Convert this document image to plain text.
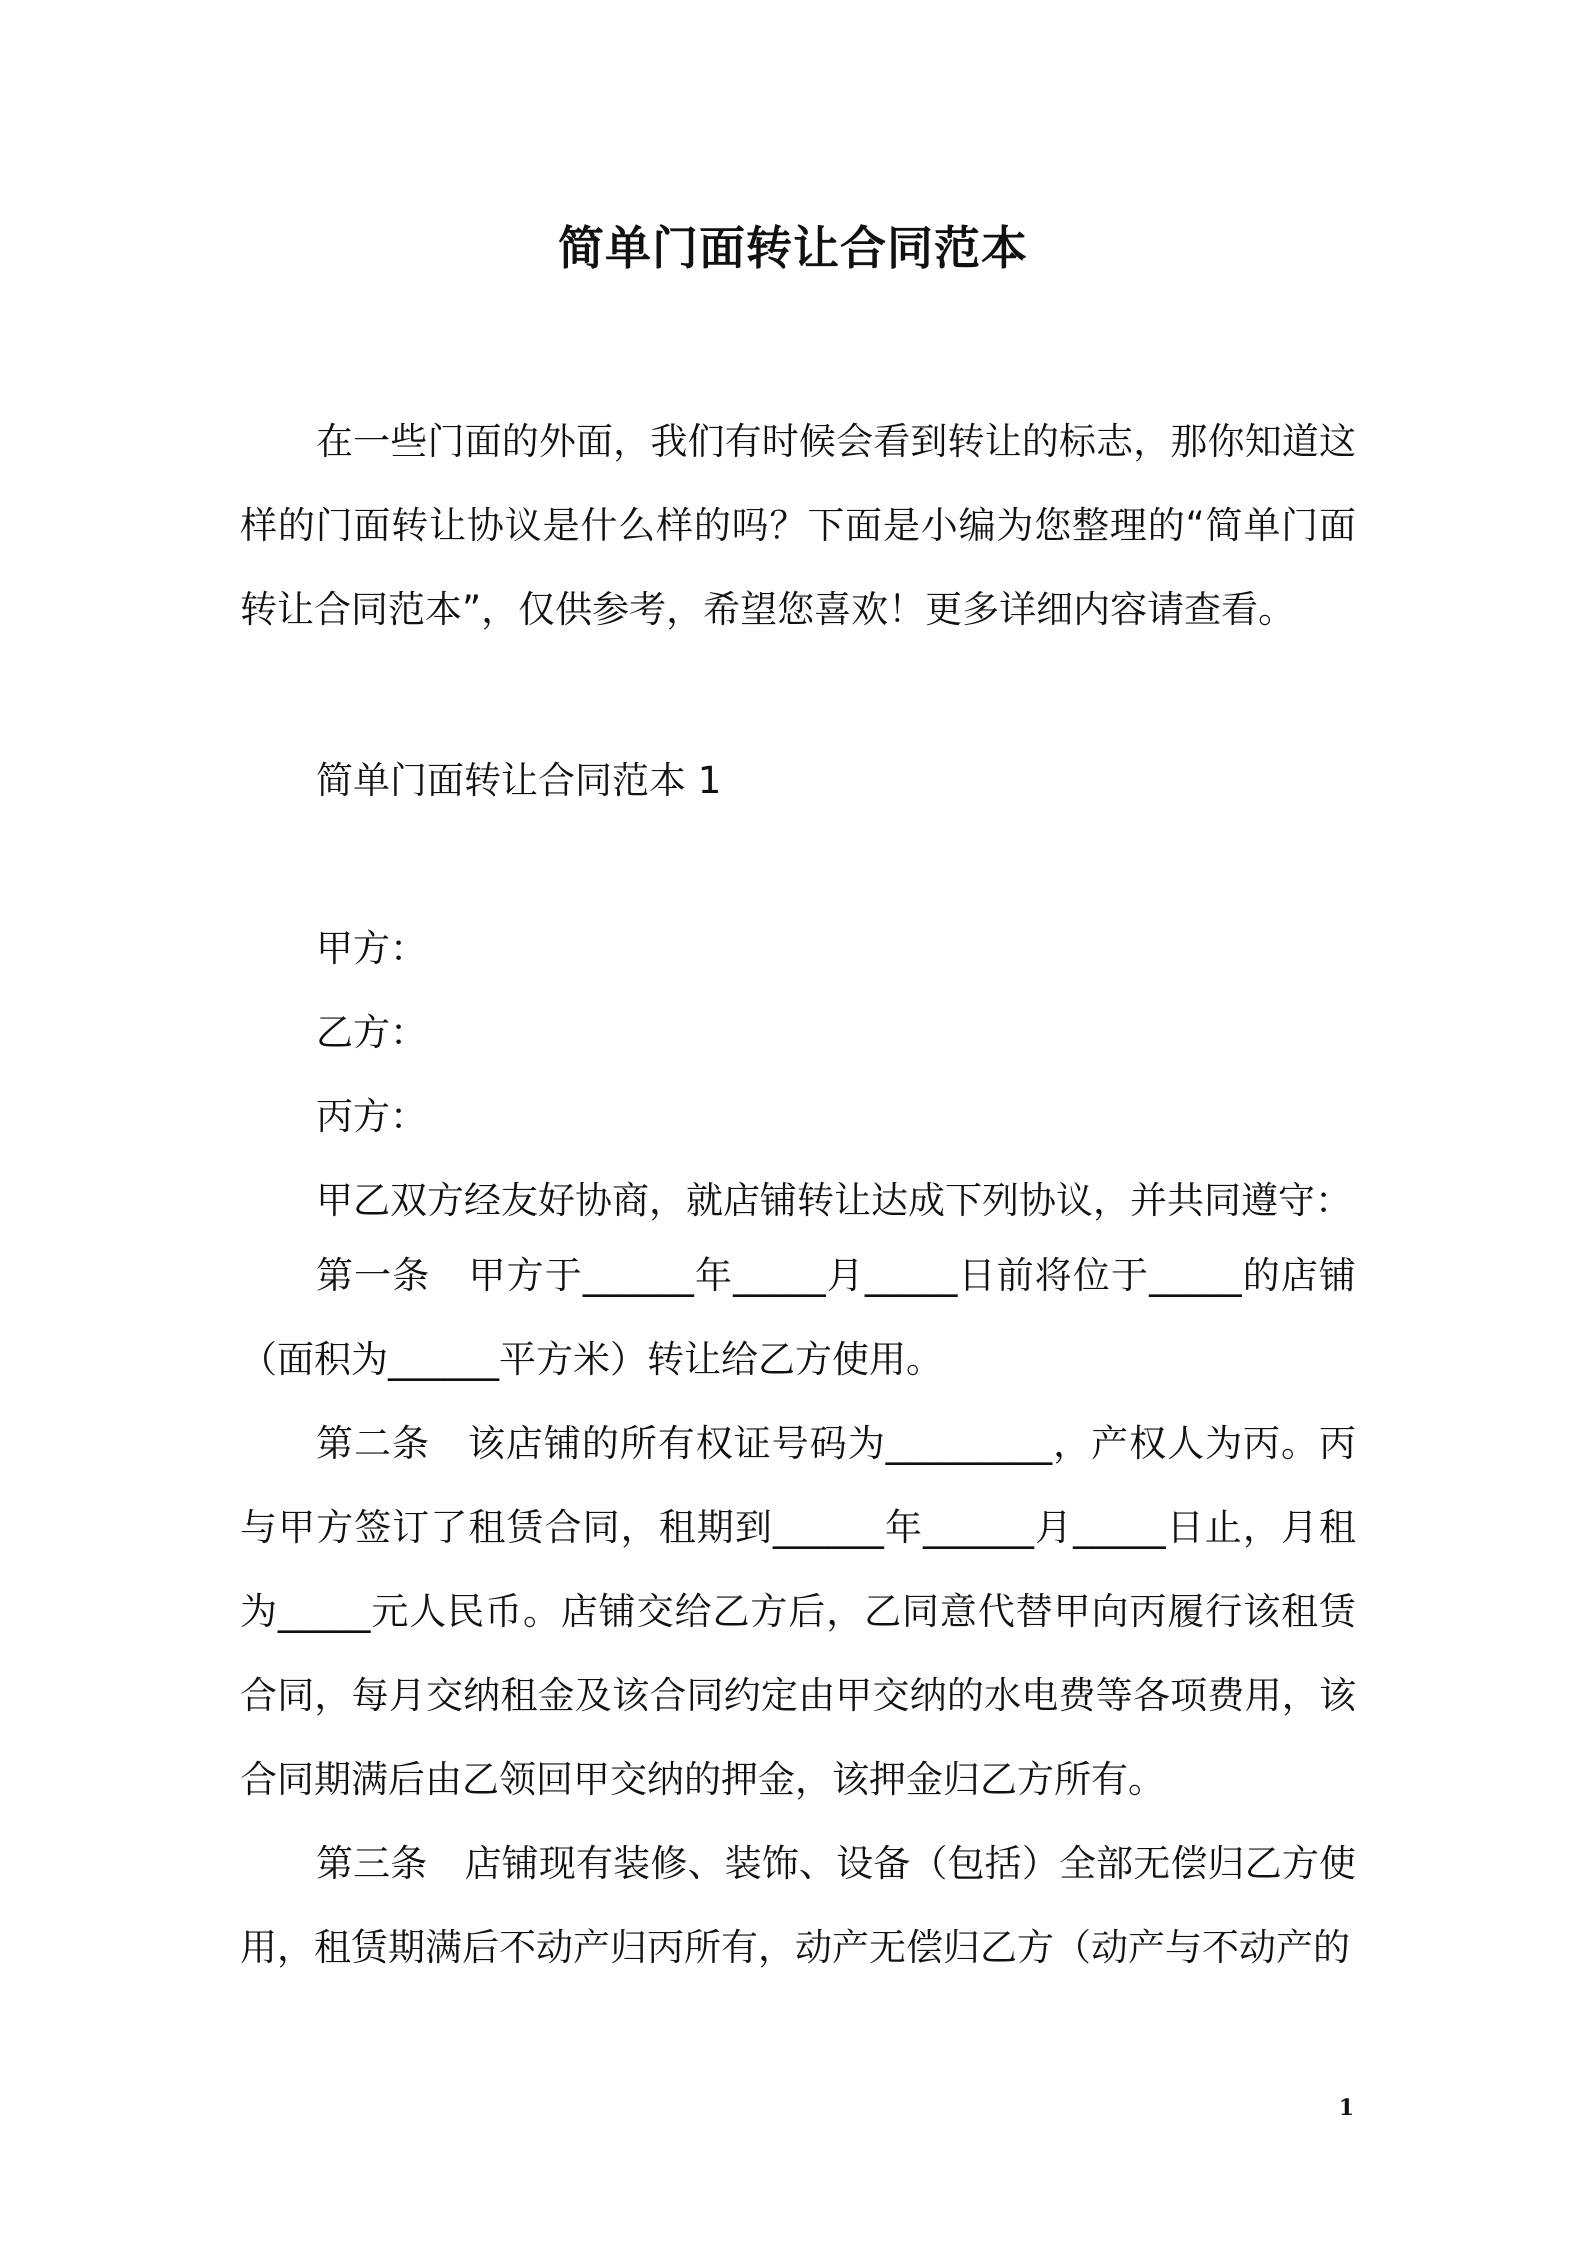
简单门面转让合同范本

在一些门面的外面，我们有时候会看到转让的标志，那你知道这样的门面转让协议是什么样的吗？下面是小编为您整理的“简单门面转让合同范本”，仅供参考，希望您喜欢！更多详细内容请查看。

简单门面转让合同范本 1
甲方：
乙方：
丙方：
甲乙双方经友好协商，就店铺转让达成下列协议，并共同遵守：

第一条　甲方于______年_____月_____日前将位于_____的店铺（面积为______平方米）转让给乙方使用。

第二条　该店铺的所有权证号码为_________，产权人为丙。丙与甲方签订了租赁合同，租期到______年______月_____日止，月租为_____元人民币。店铺交给乙方后，乙同意代替甲向丙履行该租赁合同，每月交纳租金及该合同约定由甲交纳的水电费等各项费用，该合同期满后由乙领回甲交纳的押金，该押金归乙方所有。

第三条　店铺现有装修、装饰、设备（包括）全部无偿归乙方使用，租赁期满后不动产归丙所有，动产无偿归乙方（动产与不动产的

1
